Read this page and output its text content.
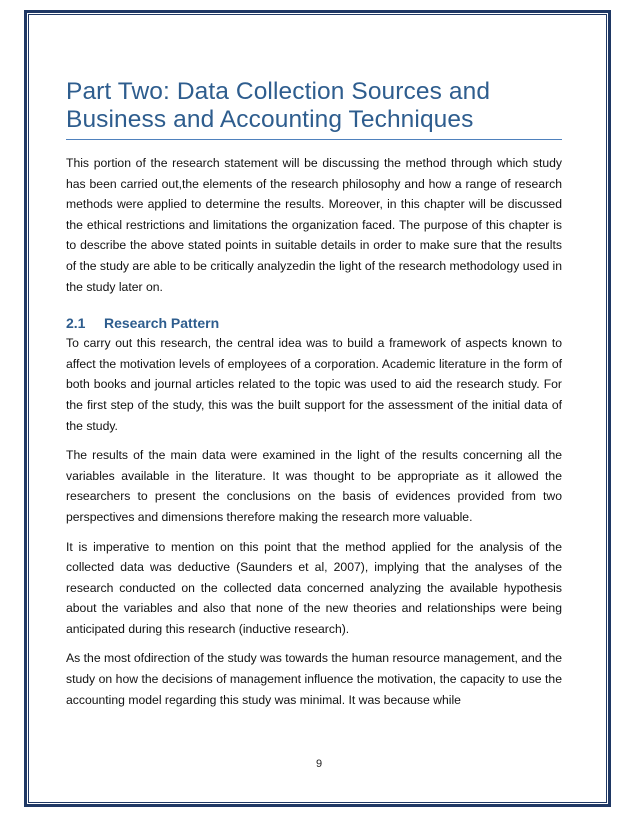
Part Two: Data Collection Sources and
Business and Accounting Techniques

This portion of the research statement will be discussing the method through which study has been carried out,the elements of the research philosophy and how a range of research methods were applied to determine the results. Moreover, in this chapter will be discussed the ethical restrictions and limitations the organization faced. The purpose of this chapter is to describe the above stated points in suitable details in order to make sure that the results of the study are able to be critically analyzedin the light of the research methodology used in the study later on.

2.1 Research Pattern

To carry out this research, the central idea was to build a framework of aspects known to affect the motivation levels of employees of a corporation. Academic literature in the form of both books and journal articles related to the topic was used to aid the research study. For the first step of the study, this was the built support for the assessment of the initial data of the study.

The results of the main data were examined in the light of the results concerning all the variables available in the literature. It was thought to be appropriate as it allowed the researchers to present the conclusions on the basis of evidences provided from two perspectives and dimensions therefore making the research more valuable.

It is imperative to mention on this point that the method applied for the analysis of the collected data was deductive (Saunders et al, 2007), implying that the analyses of the research conducted on the collected data concerned analyzing the available hypothesis about the variables and also that none of the new theories and relationships were being anticipated during this research (inductive research).

As the most ofdirection of the study was towards the human resource management, and the study on how the decisions of management influence the motivation, the capacity to use the accounting model regarding this study was minimal. It was because while

9
